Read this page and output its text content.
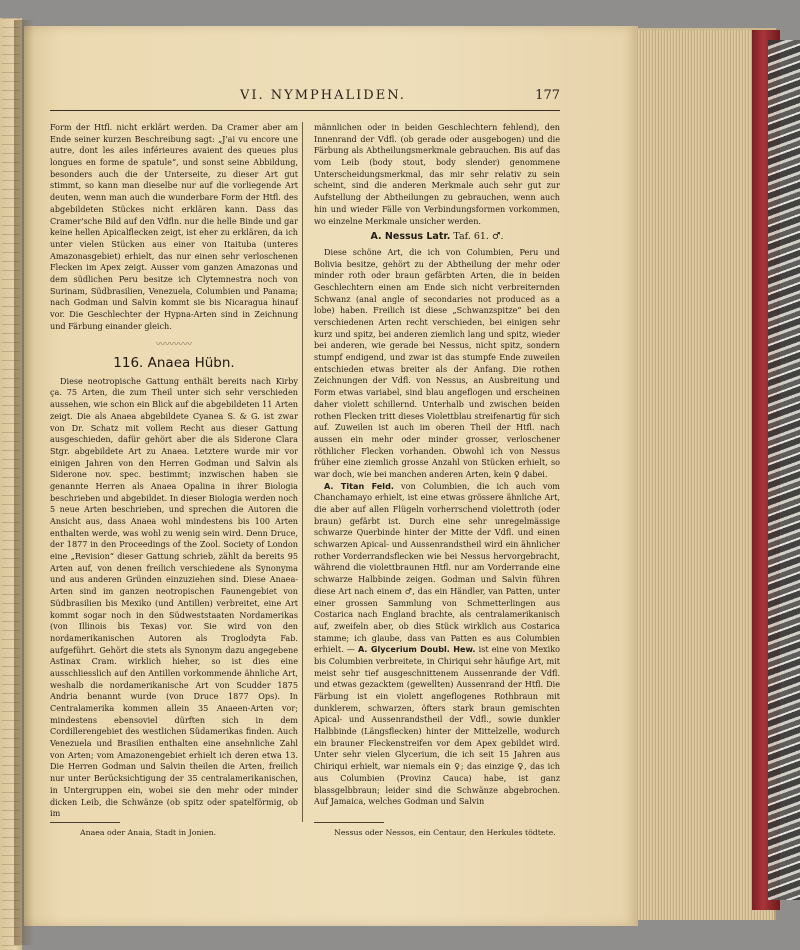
VI. NYMPHALIDEN.	177

Form der Htfl. nicht erklärt werden. Da Cramer aber am Ende seiner kurzen Beschreibung sagt: „J'ai vu encore une autre, dont les ailes inférieures avaient des queues plus longues en forme de spatule“, und sonst seine Abbildung, besonders auch die der Unterseite, zu dieser Art gut stimmt, so kann man dieselbe nur auf die vorliegende Art deuten, wenn man auch die wunderbare Form der Htfl. des abgebildeten Stückes nicht erklären kann. Dass das Cramer'sche Bild auf den Vdfln. nur die helle Binde und gar keine hellen Apicalflecken zeigt, ist eher zu erklären, da ich unter vielen Stücken aus einer von Itaituba (unteres Amazonasgebiet) erhielt, das nur einen sehr verloschenen Flecken im Apex zeigt. Ausser vom ganzen Amazonas und dem südlichen Peru besitze ich Clytemnestra noch von Surinam, Südbrasilien, Venezuela, Columbien und Panama; nach Godman und Salvin kommt sie bis Nicaragua hinauf vor. Die Geschlechter der Hypna-Arten sind in Zeichnung und Färbung einander gleich.

〰〰〰〰
116. Anaea Hübn.

Diese neotropische Gattung enthält bereits nach Kirby ça. 75 Arten, die zum Theil unter sich sehr verschieden aussehen, wie schon ein Blick auf die abgebildeten 11 Arten zeigt. Die als Anaea abgebildete Cyanea S. & G. ist zwar von Dr. Schatz mit vollem Recht aus dieser Gattung ausgeschieden, dafür gehört aber die als Siderone Clara Stgr. abgebildete Art zu Anaea. Letztere wurde mir vor einigen Jahren von den Herren Godman und Salvin als Siderone nov. spec. bestimmt; inzwischen haben sie genannte Herren als Anaea Opalina in ihrer Biologia beschrieben und abgebildet. In dieser Biologia werden noch 5 neue Arten beschrieben, und sprechen die Autoren die Ansicht aus, dass Anaea wohl mindestens bis 100 Arten enthalten werde, was wohl zu wenig sein wird. Denn Druce, der 1877 in den Proceedings of the Zool. Society of London eine „Revision“ dieser Gattung schrieb, zählt da bereits 95 Arten auf, von denen freilich verschiedene als Synonyma und aus anderen Gründen einzuziehen sind. Diese Anaea-Arten sind im ganzen neotropischen Faunengebiet von Südbrasilien bis Mexiko (und Antillen) verbreitet, eine Art kommt sogar noch in den Südweststaaten Nordamerikas (von Illinois bis Texas) vor. Sie wird von den nordamerikanischen Autoren als Troglodyta Fab. aufgeführt. Gehört die stets als Synonym dazu angegebene Astinax Cram. wirklich hieher, so ist dies eine ausschliesslich auf den Antillen vorkommende ähnliche Art, weshalb die nordamerikanische Art von Scudder 1875 Andria benannt wurde (von Druce 1877 Ops). In Centralamerika kommen allein 35 Anaeen-Arten vor; mindestens ebensoviel dürften sich in dem Cordillerengebiet des westlichen Südamerikas finden. Auch Venezuela und Brasilien enthalten eine ansehnliche Zahl von Arten; vom Amazonengebiet erhielt ich deren etwa 13. Die Herren Godman und Salvin theilen die Arten, freilich nur unter Berücksichtigung der 35 centralamerikanischen, in Untergruppen ein, wobei sie den mehr oder minder dicken Leib, die Schwänze (ob spitz oder spatelförmig, ob im

männlichen oder in beiden Geschlechtern fehlend), den Innenrand der Vdfl. (ob gerade oder ausgebogen) und die Färbung als Abtheilungsmerkmale gebrauchen. Bis auf das vom Leib (body stout, body slender) genommene Unterscheidungsmerkmal, das mir sehr relativ zu sein scheint, sind die anderen Merkmale auch sehr gut zur Aufstellung der Abtheilungen zu gebrauchen, wenn auch hin und wieder Fälle von Verbindungsformen vorkommen, wo einzelne Merkmale unsicher werden.

A. Nessus Latr. Taf. 61. ♂.

Diese schöne Art, die ich von Columbien, Peru und Bolivia besitze, gehört zu der Abtheilung der mehr oder minder roth oder braun gefärbten Arten, die in beiden Geschlechtern einen am Ende sich nicht verbreiternden Schwanz (anal angle of secondaries not produced as a lobe) haben. Freilich ist diese „Schwanzspitze“ bei den verschiedenen Arten recht verschieden, bei einigen sehr kurz und spitz, bei anderen ziemlich lang und spitz, wieder bei anderen, wie gerade bei Nessus, nicht spitz, sondern stumpf endigend, und zwar ist das stumpfe Ende zuweilen entschieden etwas breiter als der Anfang. Die rothen Zeichnungen der Vdfl. von Nessus, an Ausbreitung und Form etwas variabel, sind blau angeflogen und erscheinen daher violett schillernd. Unterhalb und zwischen beiden rothen Flecken tritt dieses Violettblau streifenartig für sich auf. Zuweilen ist auch im oberen Theil der Htfl. nach aussen ein mehr oder minder grosser, verloschener röthlicher Flecken vorhanden. Obwohl ich von Nessus früher eine ziemlich grosse Anzahl von Stücken erhielt, so war doch, wie bei manchen anderen Arten, kein ♀ dabei.

A. Titan Feld. von Columbien, die ich auch vom Chanchamayo erhielt, ist eine etwas grössere ähnliche Art, die aber auf allen Flügeln vorherrschend violettroth (oder braun) gefärbt ist. Durch eine sehr unregelmässige schwarze Querbinde hinter der Mitte der Vdfl. und einen schwarzen Apical- und Aussenrandstheil wird ein ähnlicher rother Vorderrandsflecken wie bei Nessus hervorgebracht, während die violettbraunen Htfl. nur am Vorderrande eine schwarze Halbbinde zeigen. Godman und Salvin führen diese Art nach einem ♂, das ein Händler, van Patten, unter einer grossen Sammlung von Schmetterlingen aus Costarica nach England brachte, als centralamerikanisch auf, zweifeln aber, ob dies Stück wirklich aus Costarica stamme; ich glaube, dass van Patten es aus Columbien erhielt. — A. Glycerium Doubl. Hew. ist eine von Mexiko bis Columbien verbreitete, in Chiriqui sehr häufige Art, mit meist sehr tief ausgeschnittenem Aussenrande der Vdfl. und etwas gezacktem (gewellten) Aussenrand der Htfl. Die Färbung ist ein violett angeflogenes Rothbraun mit dunklerem, schwarzen, öfters stark braun gemischten Apical- und Aussenrandstheil der Vdfl., sowie dunkler Halbbinde (Längsflecken) hinter der Mittelzelle, wodurch ein brauner Fleckenstreifen vor dem Apex gebildet wird. Unter sehr vielen Glycerium, die ich seit 15 Jahren aus Chiriqui erhielt, war niemals ein ♀; das einzige ♀, das ich aus Columbien (Provinz Cauca) habe, ist ganz blassgelbbraun; leider sind die Schwänze abgebrochen. Auf Jamaica, welches Godman und Salvin

Anaea oder Anaia, Stadt in Jonien.	Nessus oder Nessos, ein Centaur, den Herkules tödtete.
